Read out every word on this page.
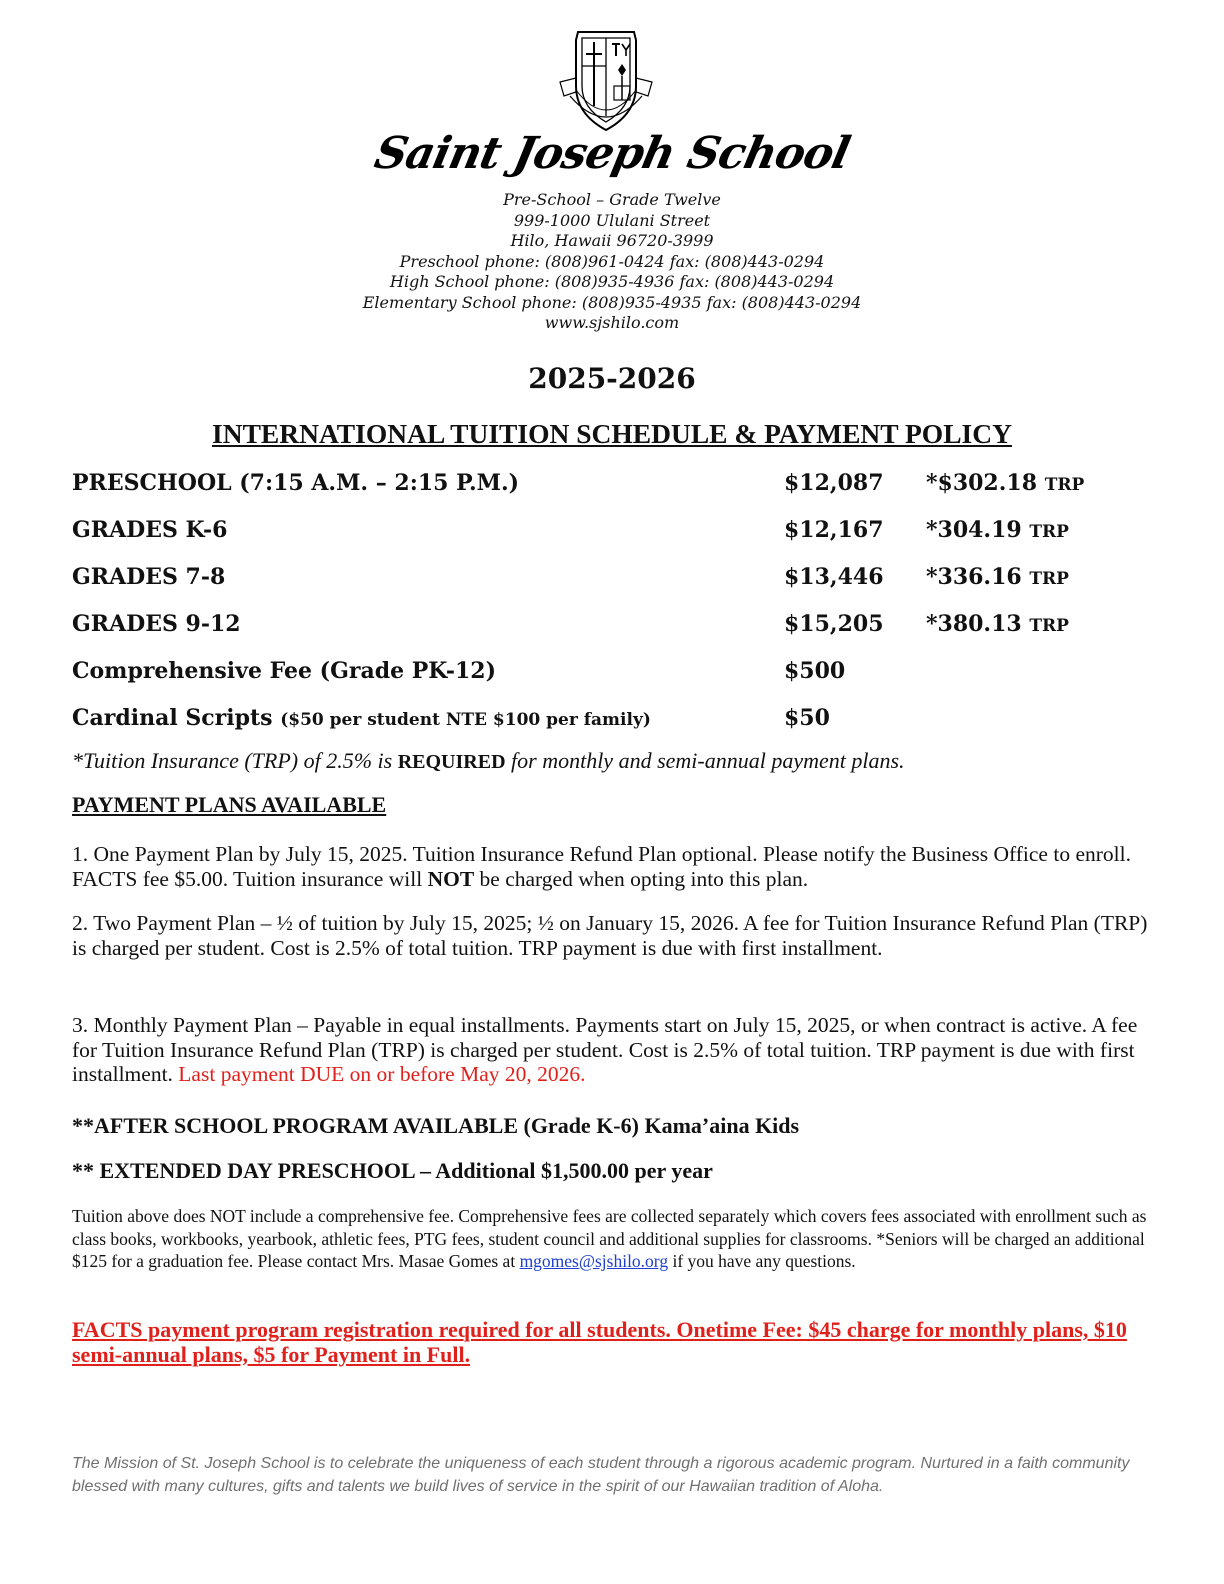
Saint Joseph School
Pre-School – Grade Twelve
999-1000 Ululani Street
Hilo, Hawaii 96720-3999
Preschool phone: (808)961-0424 fax: (808)443-0294
High School phone: (808)935-4936 fax: (808)443-0294
Elementary School phone: (808)935-4935 fax: (808)443-0294
www.sjshilo.com
2025-2026
INTERNATIONAL TUITION SCHEDULE & PAYMENT POLICY
PRESCHOOL (7:15 A.M. – 2:15 P.M.)	$12,087 *$302.18 TRP
GRADES K-6	$12,167 *304.19 TRP
GRADES 7-8	$13,446 *336.16 TRP
GRADES 9-12	$15,205 *380.13 TRP
Comprehensive Fee (Grade PK-12)	$500
Cardinal Scripts ($50 per student NTE $100 per family)	$50
*Tuition Insurance (TRP) of 2.5% is REQUIRED for monthly and semi-annual payment plans.
PAYMENT PLANS AVAILABLE
1. One Payment Plan by July 15, 2025. Tuition Insurance Refund Plan optional. Please notify the Business Office to enroll. FACTS fee $5.00. Tuition insurance will NOT be charged when opting into this plan.
2. Two Payment Plan – ½ of tuition by July 15, 2025; ½ on January 15, 2026. A fee for Tuition Insurance Refund Plan (TRP) is charged per student. Cost is 2.5% of total tuition. TRP payment is due with first installment.
3. Monthly Payment Plan – Payable in equal installments. Payments start on July 15, 2025, or when contract is active. A fee for Tuition Insurance Refund Plan (TRP) is charged per student. Cost is 2.5% of total tuition. TRP payment is due with first installment. Last payment DUE on or before May 20, 2026.
**AFTER SCHOOL PROGRAM AVAILABLE (Grade K-6) Kama’aina Kids
** EXTENDED DAY PRESCHOOL – Additional $1,500.00 per year
Tuition above does NOT include a comprehensive fee. Comprehensive fees are collected separately which covers fees associated with enrollment such as class books, workbooks, yearbook, athletic fees, PTG fees, student council and additional supplies for classrooms. *Seniors will be charged an additional $125 for a graduation fee. Please contact Mrs. Masae Gomes at mgomes@sjshilo.org if you have any questions.
FACTS payment program registration required for all students. Onetime Fee: $45 charge for monthly plans, $10 semi-annual plans, $5 for Payment in Full.
The Mission of St. Joseph School is to celebrate the uniqueness of each student through a rigorous academic program. Nurtured in a faith community blessed with many cultures, gifts and talents we build lives of service in the spirit of our Hawaiian tradition of Aloha.
